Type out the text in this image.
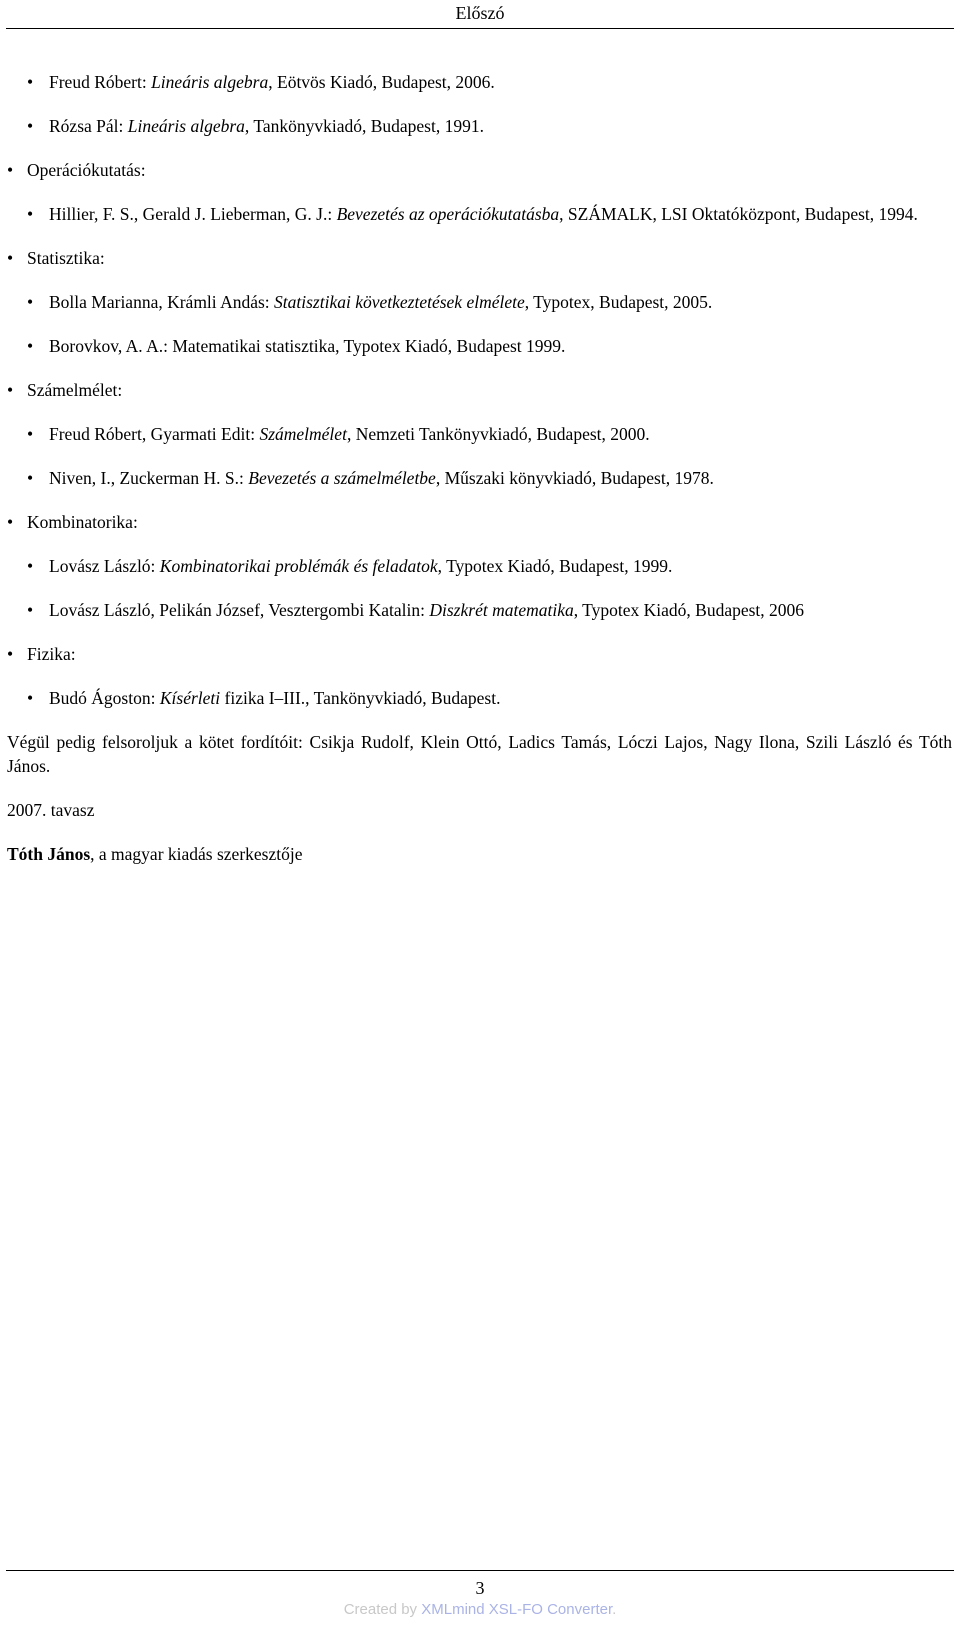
Előszó
• Freud Róbert: Lineáris algebra, Eötvös Kiadó, Budapest, 2006.
• Rózsa Pál: Lineáris algebra, Tankönyvkiadó, Budapest, 1991.
• Operációkutatás:
• Hillier, F. S., Gerald J. Lieberman, G. J.: Bevezetés az operációkutatásba, SZÁMALK, LSI Oktatóközpont, Budapest, 1994.
• Statisztika:
• Bolla Marianna, Krámli Andás: Statisztikai következtetések elmélete, Typotex, Budapest, 2005.
• Borovkov, A. A.: Matematikai statisztika, Typotex Kiadó, Budapest 1999.
• Számelmélet:
• Freud Róbert, Gyarmati Edit: Számelmélet, Nemzeti Tankönyvkiadó, Budapest, 2000.
• Niven, I., Zuckerman H. S.: Bevezetés a számelméletbe, Műszaki könyvkiadó, Budapest, 1978.
• Kombinatorika:
• Lovász László: Kombinatorikai problémák és feladatok, Typotex Kiadó, Budapest, 1999.
• Lovász László, Pelikán József, Vesztergombi Katalin: Diszkrét matematika, Typotex Kiadó, Budapest, 2006
• Fizika:
• Budó Ágoston: Kísérleti fizika I–III., Tankönyvkiadó, Budapest.

Végül pedig felsoroljuk a kötet fordítóit: Csikja Rudolf, Klein Ottó, Ladics Tamás, Lóczi Lajos, Nagy Ilona, Szili László és Tóth János.

2007. tavasz

Tóth János, a magyar kiadás szerkesztője

3
Created by XMLmind XSL-FO Converter.
